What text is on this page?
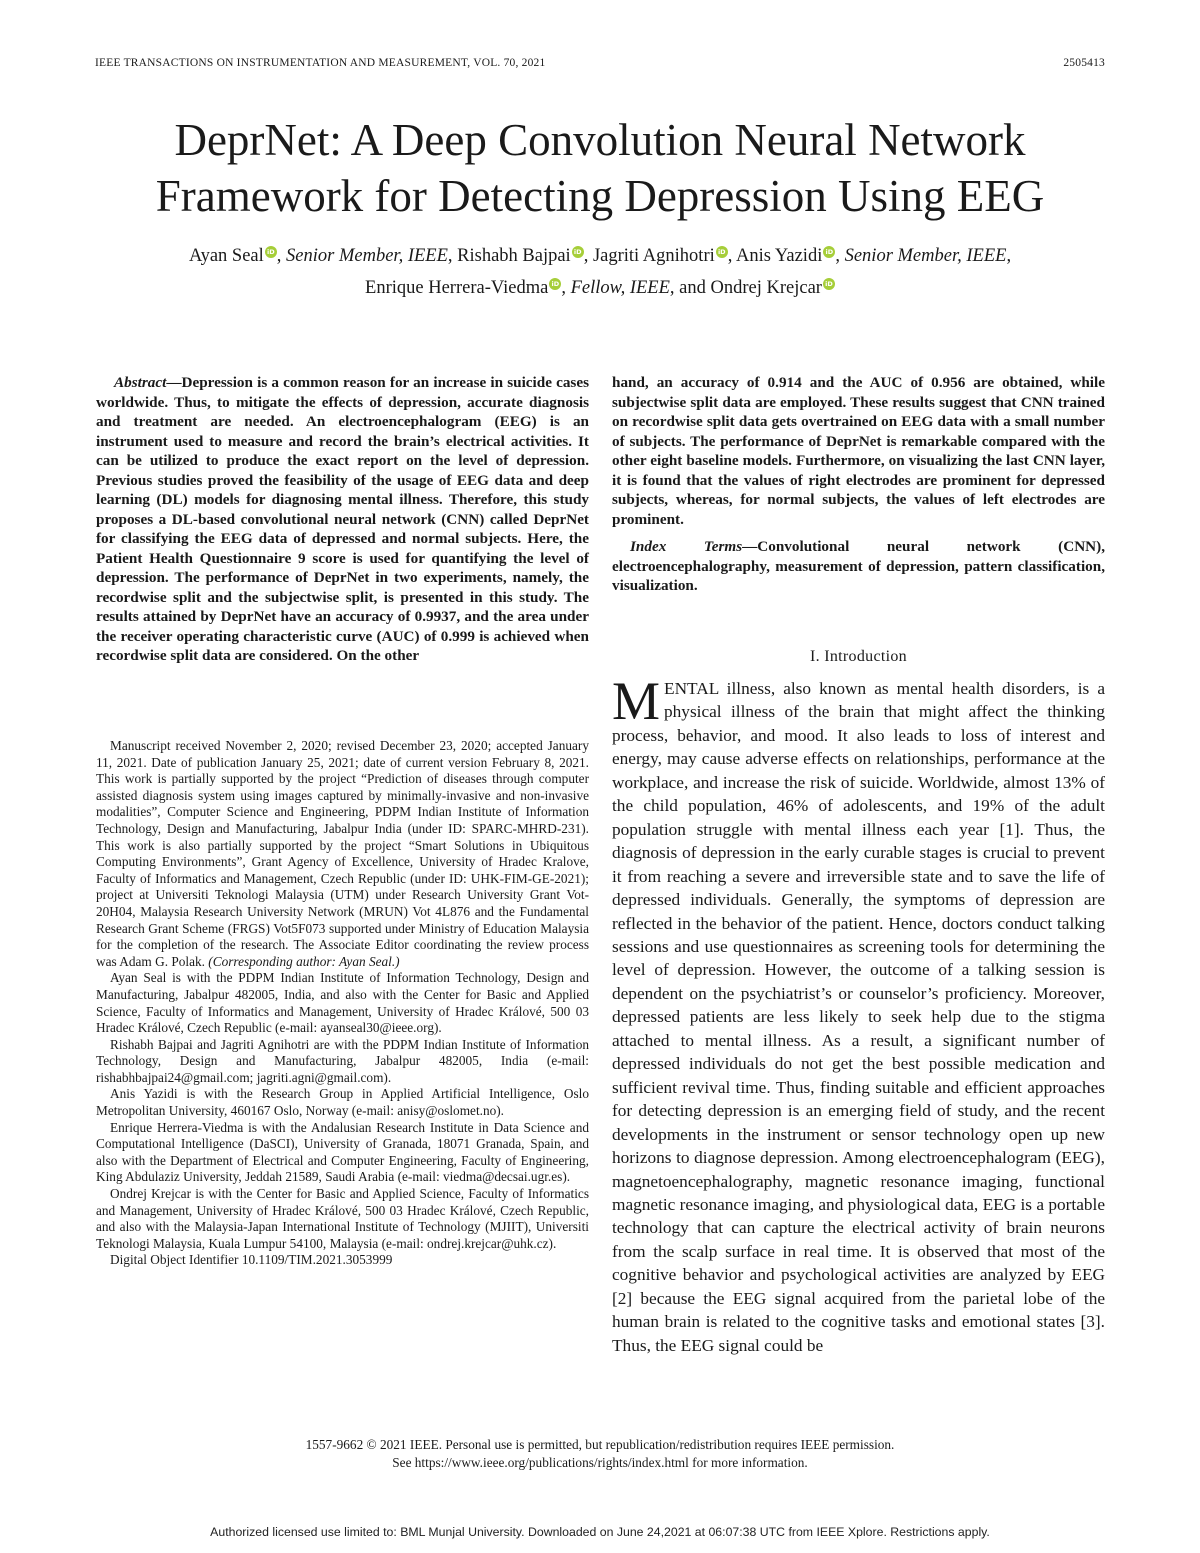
IEEE TRANSACTIONS ON INSTRUMENTATION AND MEASUREMENT, VOL. 70, 2021	2505413
DeprNet: A Deep Convolution Neural Network
Framework for Detecting Depression Using EEG
Ayan Seal iD , Senior Member, IEEE, Rishabh Bajpai iD , Jagriti Agnihotri iD , Anis Yazidi iD , Senior Member, IEEE,
Enrique Herrera-Viedma iD , Fellow, IEEE, and Ondrej Krejcar iD

Abstract—Depression is a common reason for an increase in suicide cases worldwide. Thus, to mitigate the effects of depression, accurate diagnosis and treatment are needed. An electroencephalogram (EEG) is an instrument used to measure and record the brain’s electrical activities. It can be utilized to produce the exact report on the level of depression. Previous studies proved the feasibility of the usage of EEG data and deep learning (DL) models for diagnosing mental illness. Therefore, this study proposes a DL-based convolutional neural network (CNN) called DeprNet for classifying the EEG data of depressed and normal subjects. Here, the Patient Health Questionnaire 9 score is used for quantifying the level of depression. The performance of DeprNet in two experiments, namely, the recordwise split and the subjectwise split, is presented in this study. The results attained by DeprNet have an accuracy of 0.9937, and the area under the receiver operating characteristic curve (AUC) of 0.999 is achieved when recordwise split data are considered. On the other

hand, an accuracy of 0.914 and the AUC of 0.956 are obtained, while subjectwise split data are employed. These results suggest that CNN trained on recordwise split data gets overtrained on EEG data with a small number of subjects. The performance of DeprNet is remarkable compared with the other eight baseline models. Furthermore, on visualizing the last CNN layer, it is found that the values of right electrodes are prominent for depressed subjects, whereas, for normal subjects, the values of left electrodes are prominent.

Index Terms—Convolutional neural network (CNN), electroencephalography, measurement of depression, pattern classification, visualization.

I. Introduction

MENTAL illness, also known as mental health disorders, is a physical illness of the brain that might affect the thinking process, behavior, and mood. It also leads to loss of interest and energy, may cause adverse effects on relationships, performance at the workplace, and increase the risk of suicide. Worldwide, almost 13% of the child population, 46% of adolescents, and 19% of the adult population struggle with mental illness each year [1]. Thus, the diagnosis of depression in the early curable stages is crucial to prevent it from reaching a severe and irreversible state and to save the life of depressed individuals. Generally, the symptoms of depression are reflected in the behavior of the patient. Hence, doctors conduct talking sessions and use questionnaires as screening tools for determining the level of depression. However, the outcome of a talking session is dependent on the psychiatrist’s or counselor’s proficiency. Moreover, depressed patients are less likely to seek help due to the stigma attached to mental illness. As a result, a significant number of depressed individuals do not get the best possible medication and sufficient revival time. Thus, finding suitable and efficient approaches for detecting depression is an emerging field of study, and the recent developments in the instrument or sensor technology open up new horizons to diagnose depression. Among electroencephalogram (EEG), magnetoencephalography, magnetic resonance imaging, functional magnetic resonance imaging, and physiological data, EEG is a portable technology that can capture the electrical activity of brain neurons from the scalp surface in real time. It is observed that most of the cognitive behavior and psychological activities are analyzed by EEG [2] because the EEG signal acquired from the parietal lobe of the human brain is related to the cognitive tasks and emotional states [3]. Thus, the EEG signal could be

Manuscript received November 2, 2020; revised December 23, 2020; accepted January 11, 2021. Date of publication January 25, 2021; date of current version February 8, 2021. This work is partially supported by the project “Prediction of diseases through computer assisted diagnosis system using images captured by minimally-invasive and non-invasive modalities”, Computer Science and Engineering, PDPM Indian Institute of Information Technology, Design and Manufacturing, Jabalpur India (under ID: SPARC-MHRD-231). This work is also partially supported by the project “Smart Solutions in Ubiquitous Computing Environments”, Grant Agency of Excellence, University of Hradec Kralove, Faculty of Informatics and Management, Czech Republic (under ID: UHK-FIM-GE-2021); project at Universiti Teknologi Malaysia (UTM) under Research University Grant Vot-20H04, Malaysia Research University Network (MRUN) Vot 4L876 and the Fundamental Research Grant Scheme (FRGS) Vot5F073 supported under Ministry of Education Malaysia for the completion of the research. The Associate Editor coordinating the review process was Adam G. Polak. (Corresponding author: Ayan Seal.)

Ayan Seal is with the PDPM Indian Institute of Information Technology, Design and Manufacturing, Jabalpur 482005, India, and also with the Center for Basic and Applied Science, Faculty of Informatics and Management, University of Hradec Králové, 500 03 Hradec Králové, Czech Republic (e-mail: ayanseal30@ieee.org).

Rishabh Bajpai and Jagriti Agnihotri are with the PDPM Indian Institute of Information Technology, Design and Manufacturing, Jabalpur 482005, India (e-mail: rishabhbajpai24@gmail.com; jagriti.agni@gmail.com).

Anis Yazidi is with the Research Group in Applied Artificial Intelligence, Oslo Metropolitan University, 460167 Oslo, Norway (e-mail: anisy@oslomet.no).

Enrique Herrera-Viedma is with the Andalusian Research Institute in Data Science and Computational Intelligence (DaSCI), University of Granada, 18071 Granada, Spain, and also with the Department of Electrical and Computer Engineering, Faculty of Engineering, King Abdulaziz University, Jeddah 21589, Saudi Arabia (e-mail: viedma@decsai.ugr.es).

Ondrej Krejcar is with the Center for Basic and Applied Science, Faculty of Informatics and Management, University of Hradec Králové, 500 03 Hradec Králové, Czech Republic, and also with the Malaysia-Japan International Institute of Technology (MJIIT), Universiti Teknologi Malaysia, Kuala Lumpur 54100, Malaysia (e-mail: ondrej.krejcar@uhk.cz).

Digital Object Identifier 10.1109/TIM.2021.3053999

1557-9662 © 2021 IEEE. Personal use is permitted, but republication/redistribution requires IEEE permission.
See https://www.ieee.org/publications/rights/index.html for more information.
Authorized licensed use limited to: BML Munjal University. Downloaded on June 24,2021 at 06:07:38 UTC from IEEE Xplore. Restrictions apply.
